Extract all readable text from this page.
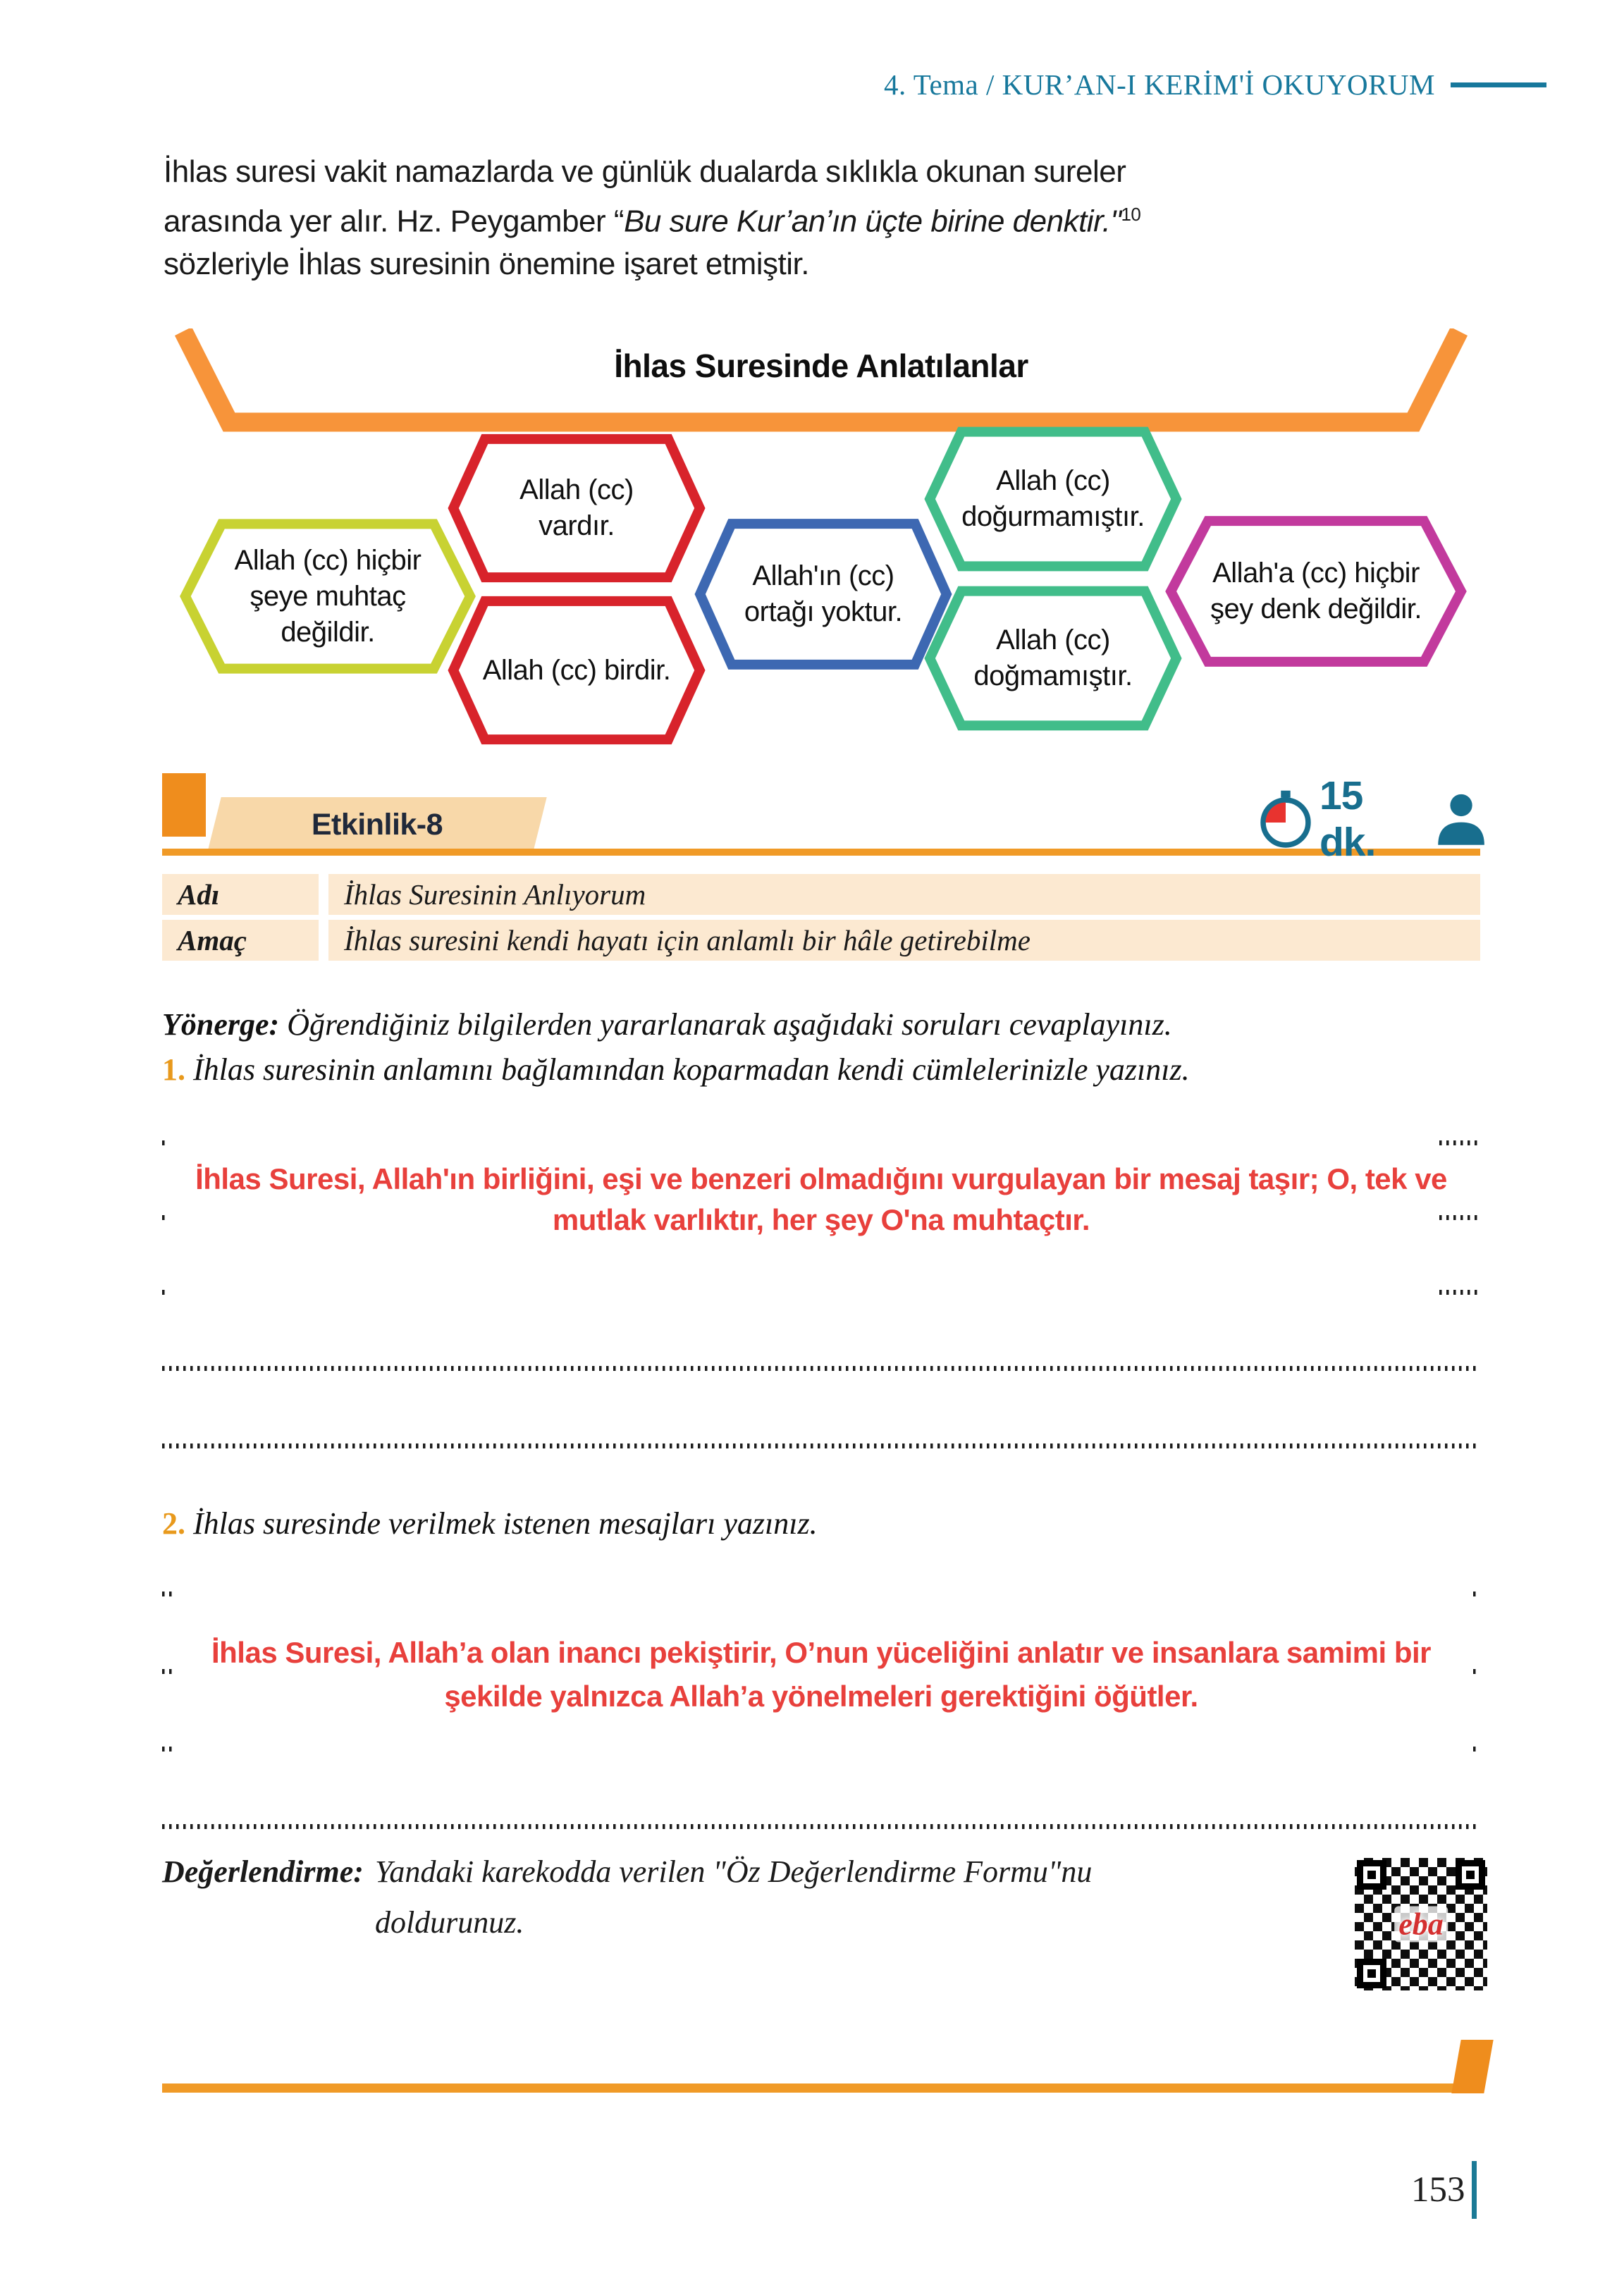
4. Tema / KUR’AN-I KERİM'İ OKUYORUM
İhlas suresi vakit namazlarda ve günlük dualarda sıklıkla okunan sureler arasında yer alır. Hz. Peygamber “Bu sure Kur’an’ın üçte birine denktir."$^{10}$ sözleriyle İhlas suresinin önemine işaret etmiştir.
İhlas Suresinde Anlatılanlar
Allah (cc) hiçbir şeye muhtaç değildir.
Allah (cc) vardır.
Allah (cc) birdir.
Allah'ın (cc) ortağı yoktur.
Allah (cc) doğurmamıştır.
Allah (cc) doğmamıştır.
Allah'a (cc) hiçbir şey denk değildir.
Etkinlik-8
15 dk.
Adı	İhlas Suresinin Anlıyorum
Amaç	İhlas suresini kendi hayatı için anlamlı bir hâle getirebilme
Yönerge: Öğrendiğiniz bilgilerden yararlanarak aşağıdaki soruları cevaplayınız.
1. İhlas suresinin anlamını bağlamından koparmadan kendi cümlelerinizle yazınız.
İhlas Suresi, Allah'ın birliğini, eşi ve benzeri olmadığını vurgulayan bir mesaj taşır; O, tek ve mutlak varlıktır, her şey O'na muhtaçtır.
2. İhlas suresinde verilmek istenen mesajları yazınız.
İhlas Suresi, Allah’a olan inancı pekiştirir, O’nun yüceliğini anlatır ve insanlara samimi bir şekilde yalnızca Allah’a yönelmeleri gerektiğini öğütler.
Değerlendirme: Yandaki karekodda verilen "Öz Değerlendirme Formu"nu doldurunuz.	eba
153
